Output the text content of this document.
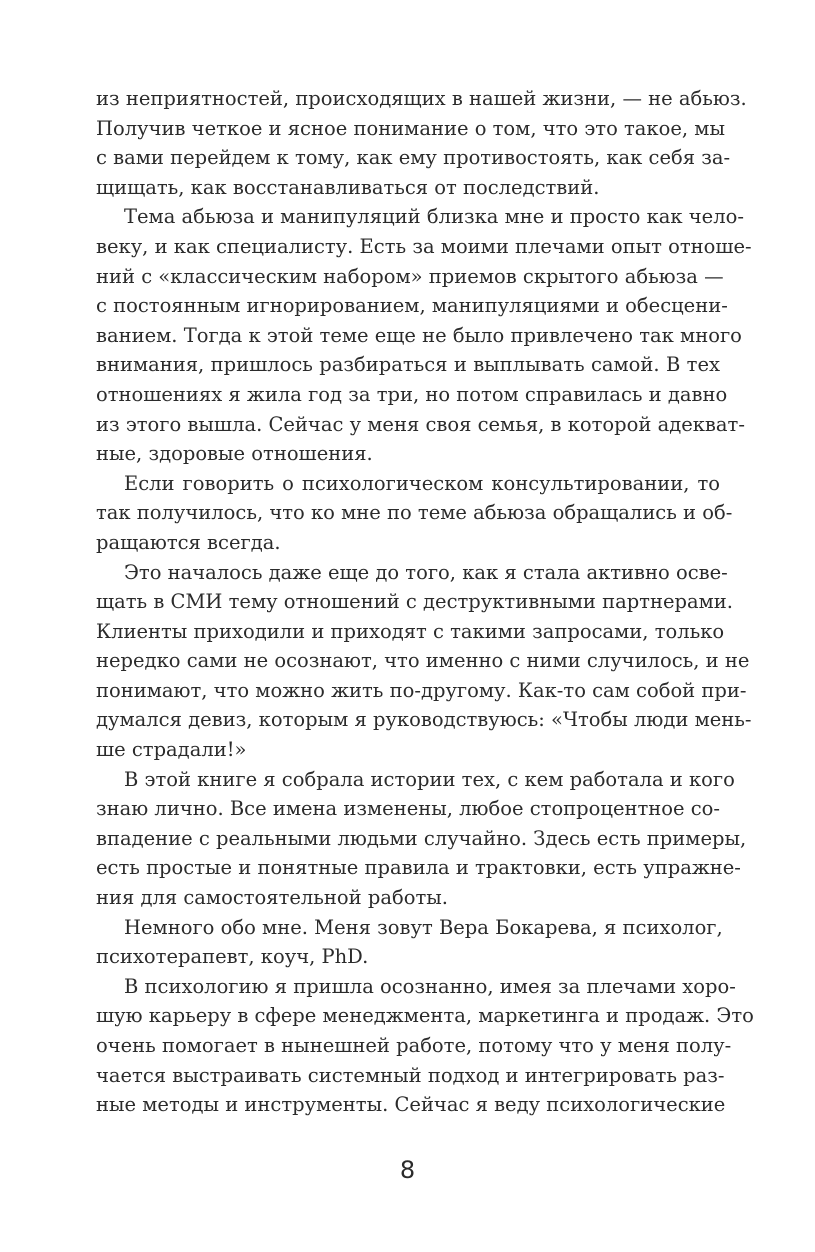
из неприятностей, происходящих в нашей жизни, — не абьюз.
Получив четкое и ясное понимание о том, что это такое, мы
с вами перейдем к тому, как ему противостоять, как себя за-
щищать, как восстанавливаться от последствий.
Тема абьюза и манипуляций близка мне и просто как чело-
веку, и как специалисту. Есть за моими плечами опыт отноше-
ний с «классическим набором» приемов скрытого абьюза —
с постоянным игнорированием, манипуляциями и обесцени-
ванием. Тогда к этой теме еще не было привлечено так много
внимания, пришлось разбираться и выплывать самой. В тех
отношениях я жила год за три, но потом справилась и давно
из этого вышла. Сейчас у меня своя семья, в которой адекват-
ные, здоровые отношения.
Если говорить о психологическом консультировании, то
так получилось, что ко мне по теме абьюза обращались и об-
ращаются всегда.
Это началось даже еще до того, как я стала активно осве-
щать в СМИ тему отношений с деструктивными партнерами.
Клиенты приходили и приходят с такими запросами, только
нередко сами не осознают, что именно с ними случилось, и не
понимают, что можно жить по-другому. Как-то сам собой при-
думался девиз, которым я руководствуюсь: «Чтобы люди мень-
ше страдали!»
В этой книге я собрала истории тех, с кем работала и кого
знаю лично. Все имена изменены, любое стопроцентное со-
впадение с реальными людьми случайно. Здесь есть примеры,
есть простые и понятные правила и трактовки, есть упражне-
ния для самостоятельной работы.
Немного обо мне. Меня зовут Вера Бокарева, я психолог,
психотерапевт, коуч, PhD.
В психологию я пришла осознанно, имея за плечами хоро-
шую карьеру в сфере менеджмента, маркетинга и продаж. Это
очень помогает в нынешней работе, потому что у меня полу-
чается выстраивать системный подход и интегрировать раз-
ные методы и инструменты. Сейчас я веду психологические
8
